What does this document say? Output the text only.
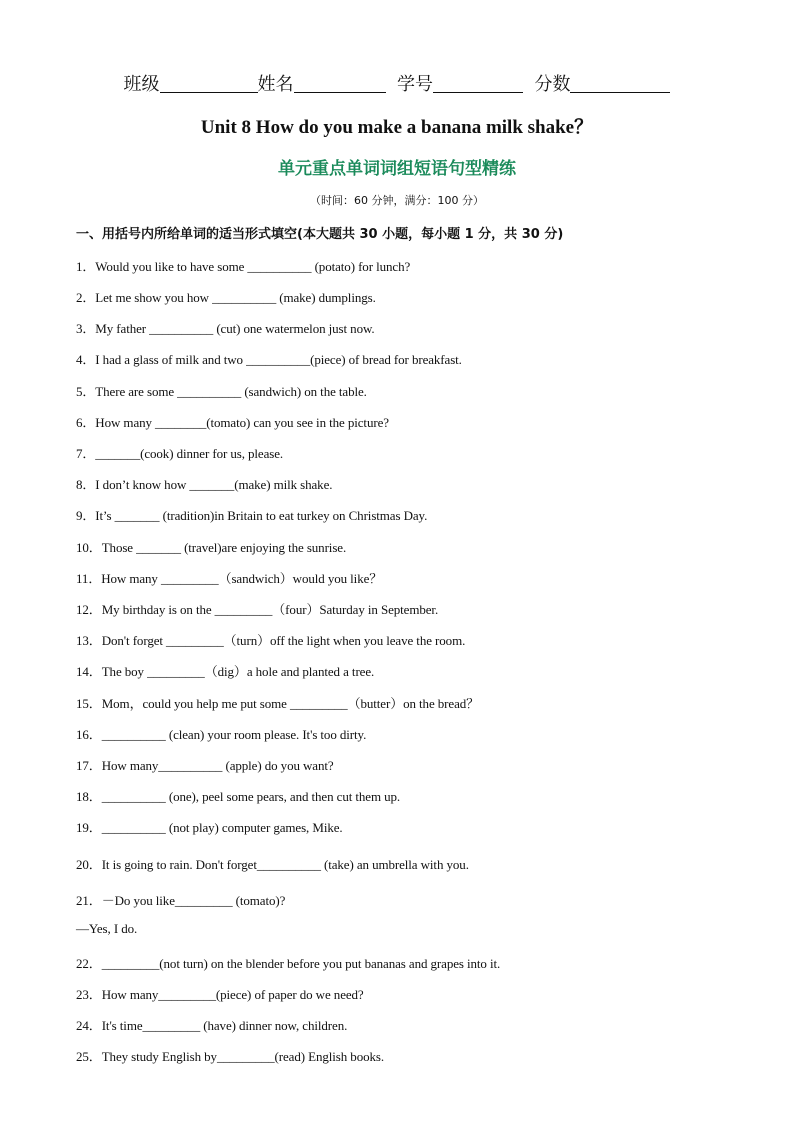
班级	姓名	学号	分数
Unit 8 How do you make a banana milk shake？
单元重点单词词组短语句型精练
（时间：60 分钟，满分：100 分）
一、用括号内所给单词的适当形式填空(本大题共 30 小题，每小题 1 分，共 30 分)
1．Would you like to have some __________ (potato) for lunch?
2．Let me show you how __________ (make) dumplings.
3．My father __________ (cut) one watermelon just now.
4．I had a glass of milk and two __________(piece) of bread for breakfast.
5．There are some __________ (sandwich) on the table.
6．How many ________(tomato) can you see in the picture?
7．_______(cook) dinner for us, please.
8．I don’t know how _______(make) milk shake.
9．It’s _______ (tradition)in Britain to eat turkey on Christmas Day.
10．Those _______ (travel)are enjoying the sunrise.
11．How many _________（sandwich）would you like？
12．My birthday is on the _________（four）Saturday in September.
13．Don't forget _________（turn）off the light when you leave the room.
14．The boy _________（dig）a hole and planted a tree.
15．Mom，could you help me put some _________（butter）on the bread？
16．__________ (clean) your room please. It's too dirty.
17．How many__________ (apple) do you want?
18．__________ (one), peel some pears, and then cut them up.
19．__________ (not play) computer games, Mike.
20．It is going to rain. Don't forget__________ (take) an umbrella with you.
21．－Do you like_________ (tomato)?
—Yes, I do.
22．_________(not turn) on the blender before you put bananas and grapes into it.
23．How many_________(piece) of paper do we need?
24．It's time_________ (have) dinner now, children.
25．They study English by_________(read) English books.
